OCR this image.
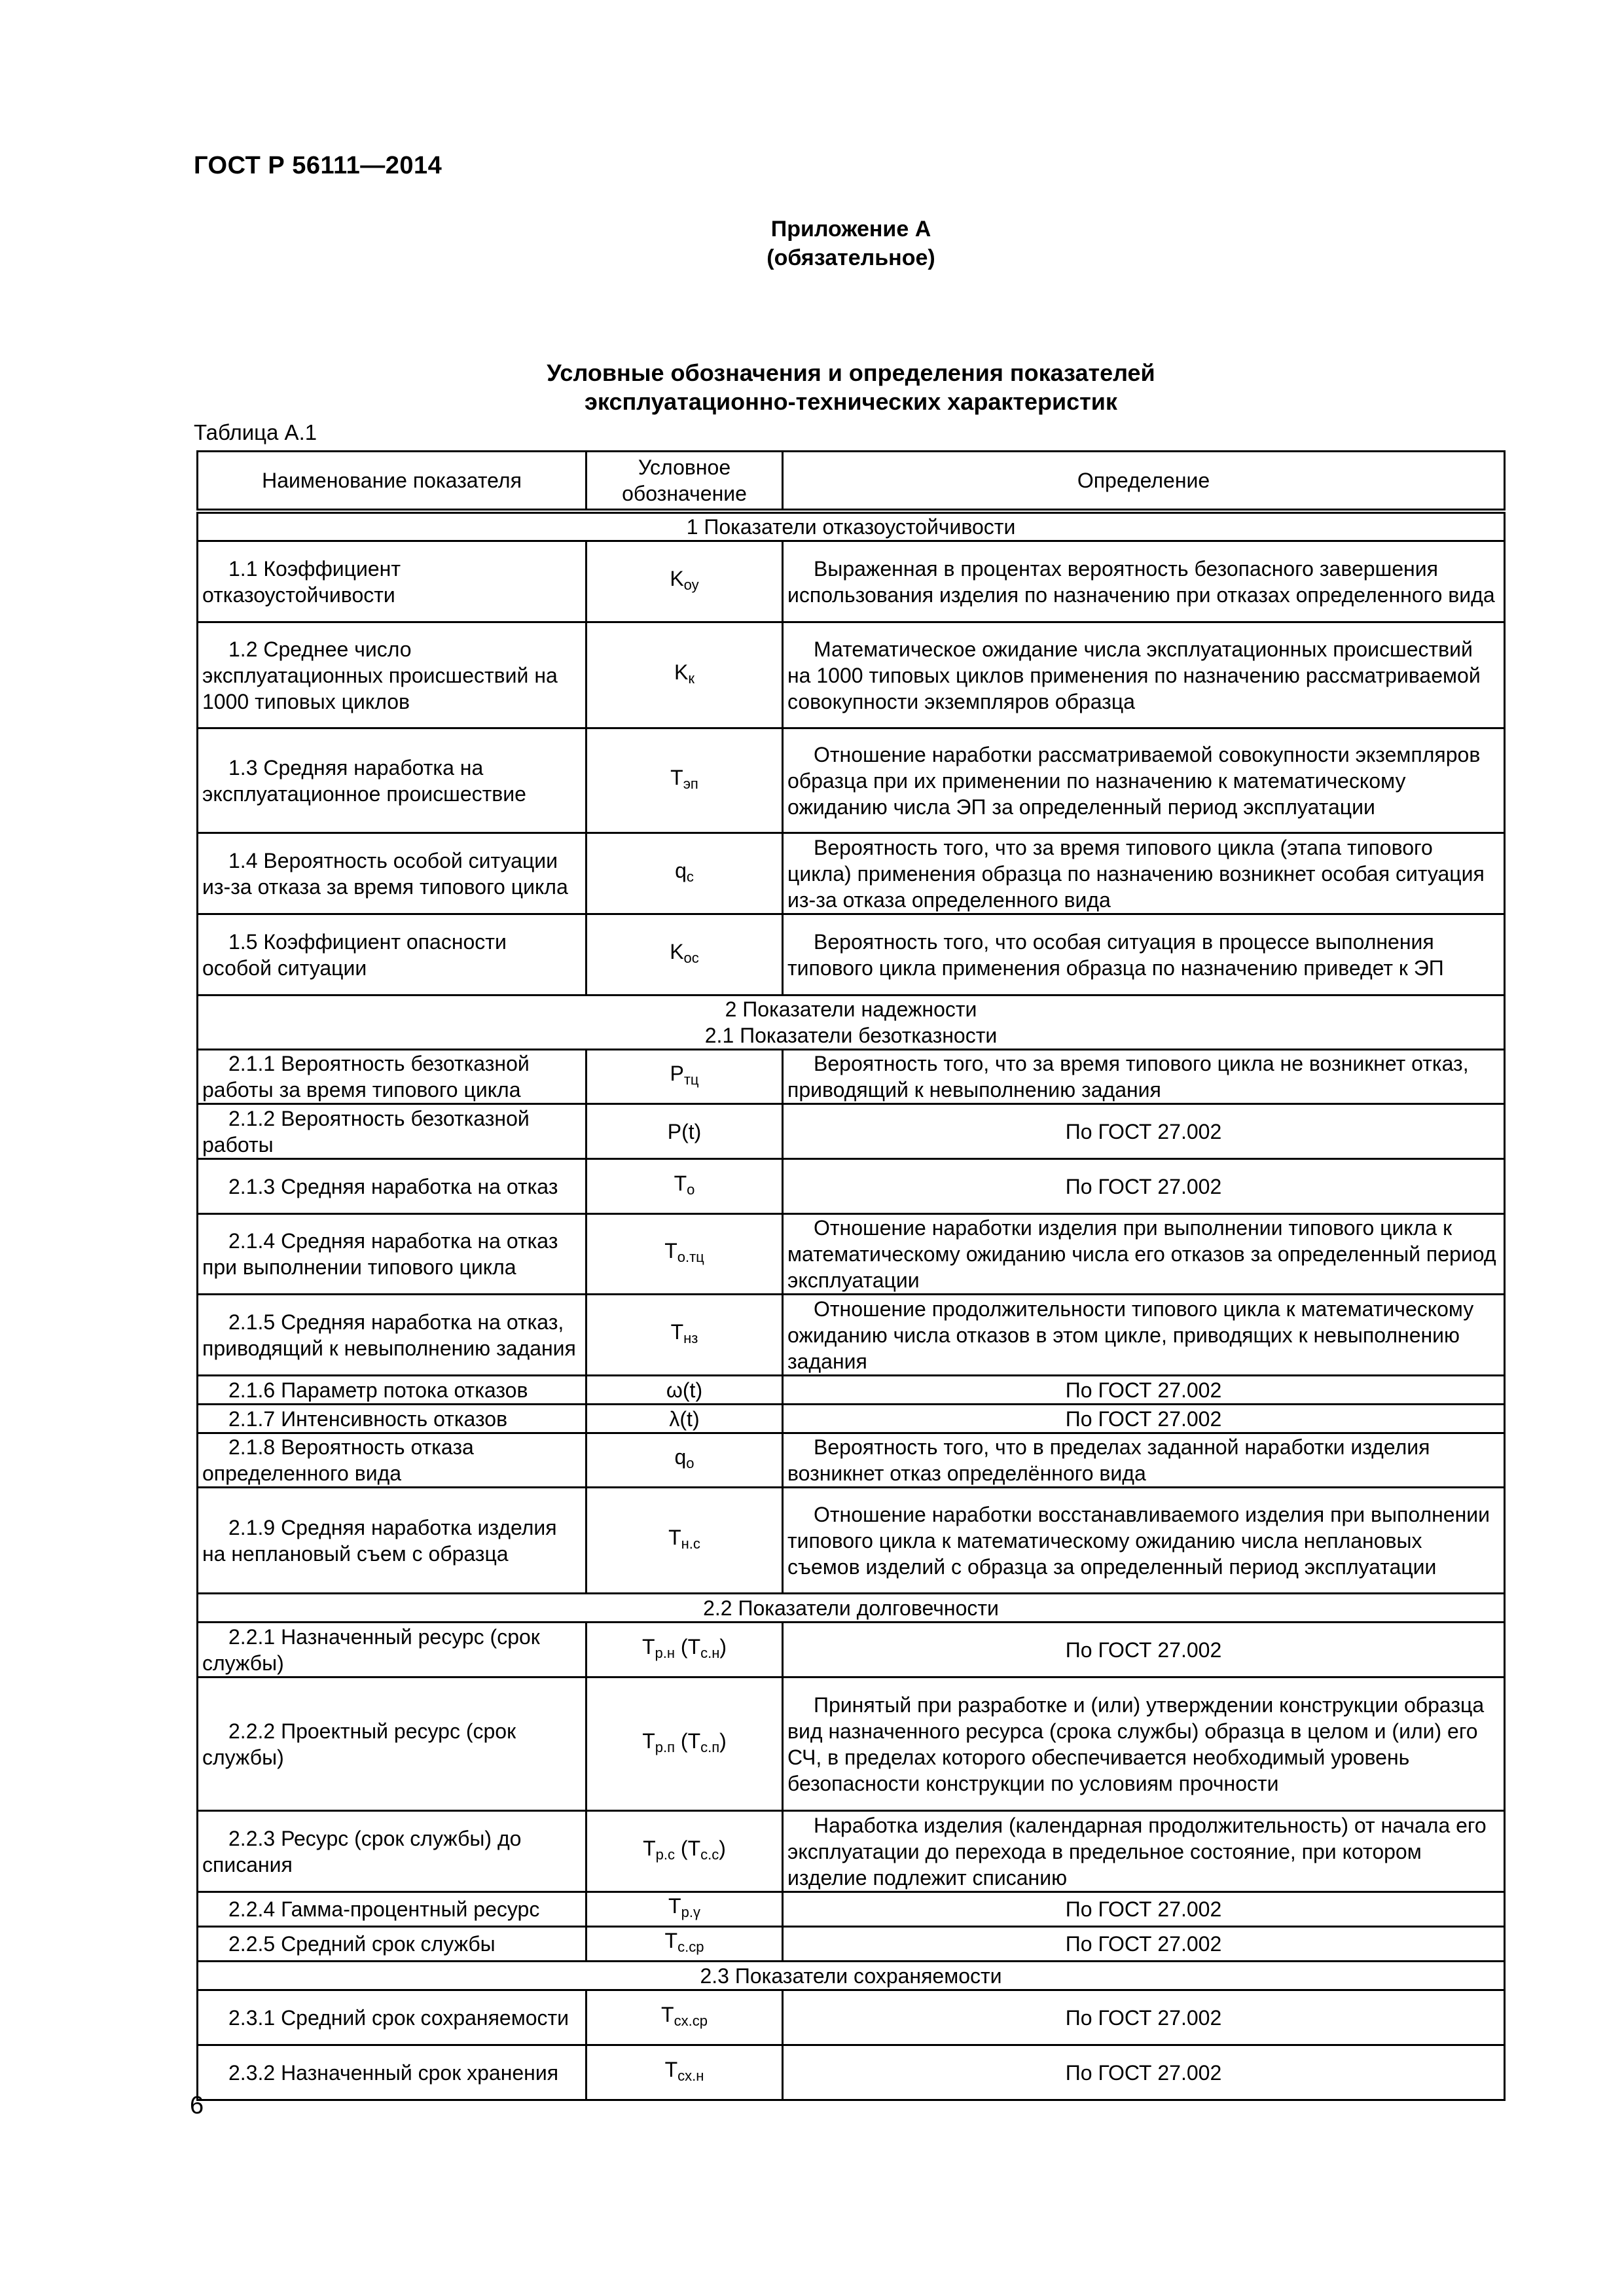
ГОСТ Р 56111—2014
Приложение А
(обязательное)
Условные обозначения и определения показателей
эксплуатационно-технических характеристик
Таблица А.1
Наименование показателя	Условное обозначение	Определение

1 Показатели отказоустойчивости		

1.1 Коэффициент отказоустойчивости	$K_{оу}$	Выраженная в процентах вероятность безопасного завершения использования изделия по назначению при отказах определенного вида

1.2 Среднее число эксплуатационных происшествий на 1000 типовых циклов	$K_к$	Математическое ожидание числа эксплуатационных происшествий на 1000 типовых циклов применения по назначению рассматриваемой совокупности экземпляров образца

1.3 Средняя наработка на эксплуатационное происшествие	$T_{эп}$	Отношение наработки рассматриваемой совокупности экземпляров образца при их применении по назначению к математическому ожиданию числа ЭП за определенный период эксплуатации

1.4 Вероятность особой ситуации из-за отказа за время типового цикла	$q_с$	Вероятность того, что за время типового цикла (этапа типового цикла) применения образца по назначению возникнет особая ситуация из-за отказа определенного вида

1.5 Коэффициент опасности особой ситуации	$K_{ос}$	Вероятность того, что особая ситуация в процессе выполнения типового цикла применения образца по назначению приведет к ЭП

2 Показатели надежности
2.1 Показатели безотказности		

2.1.1 Вероятность безотказной работы за время типового цикла	$P_{тц}$	Вероятность того, что за время типового цикла не возникнет отказ, приводящий к невыполнению задания

2.1.2 Вероятность безотказной работы	P(t)	По ГОСТ 27.002

2.1.3 Средняя наработка на отказ	$T_о$	По ГОСТ 27.002

2.1.4 Средняя наработка на отказ при выполнении типового цикла	$T_{о.тц}$	Отношение наработки изделия при выполнении типового цикла к математическому ожиданию числа его отказов за определенный период эксплуатации

2.1.5 Средняя наработка на отказ, приводящий к невыполнению задания	$T_{нз}$	Отношение продолжительности типового цикла к математическому ожиданию числа отказов в этом цикле, приводящих к невыполнению задания

2.1.6 Параметр потока отказов	ω(t)	По ГОСТ 27.002

2.1.7 Интенсивность отказов	λ(t)	По ГОСТ 27.002

2.1.8 Вероятность отказа определенного вида	$q_о$	Вероятность того, что в пределах заданной наработки изделия возникнет отказ определённого вида

2.1.9 Средняя наработка изделия на неплановый съем с образца	$T_{н.с}$	Отношение наработки восстанавливаемого изделия при выполнении типового цикла к математическому ожиданию числа неплановых съемов изделий с образца за определенный период эксплуатации

2.2 Показатели долговечности		

2.2.1 Назначенный ресурс (срок службы)	$T_{р.н}$ $(T_{с.н})$	По ГОСТ 27.002

2.2.2 Проектный ресурс (срок службы)	$T_{р.п}$ $(T_{с.п})$	Принятый при разработке и (или) утверждении конструкции образца вид назначенного ресурса (срока службы) образца в целом и (или) его СЧ, в пределах которого обеспечивается необходимый уровень безопасности конструкции по условиям прочности

2.2.3 Ресурс (срок службы) до списания	$T_{р.с}$ $(T_{с.с})$	Наработка изделия (календарная продолжительность) от начала его эксплуатации до перехода в предельное состояние, при котором изделие подлежит списанию

2.2.4 Гамма-процентный ресурс	$T_{р.\gamma}$	По ГОСТ 27.002

2.2.5 Средний срок службы	$T_{с.ср}$	По ГОСТ 27.002

2.3 Показатели сохраняемости		

2.3.1 Средний срок сохраняемости	$T_{сх.ср}$	По ГОСТ 27.002

2.3.2 Назначенный срок хранения	$T_{сх.н}$	По ГОСТ 27.002
6
